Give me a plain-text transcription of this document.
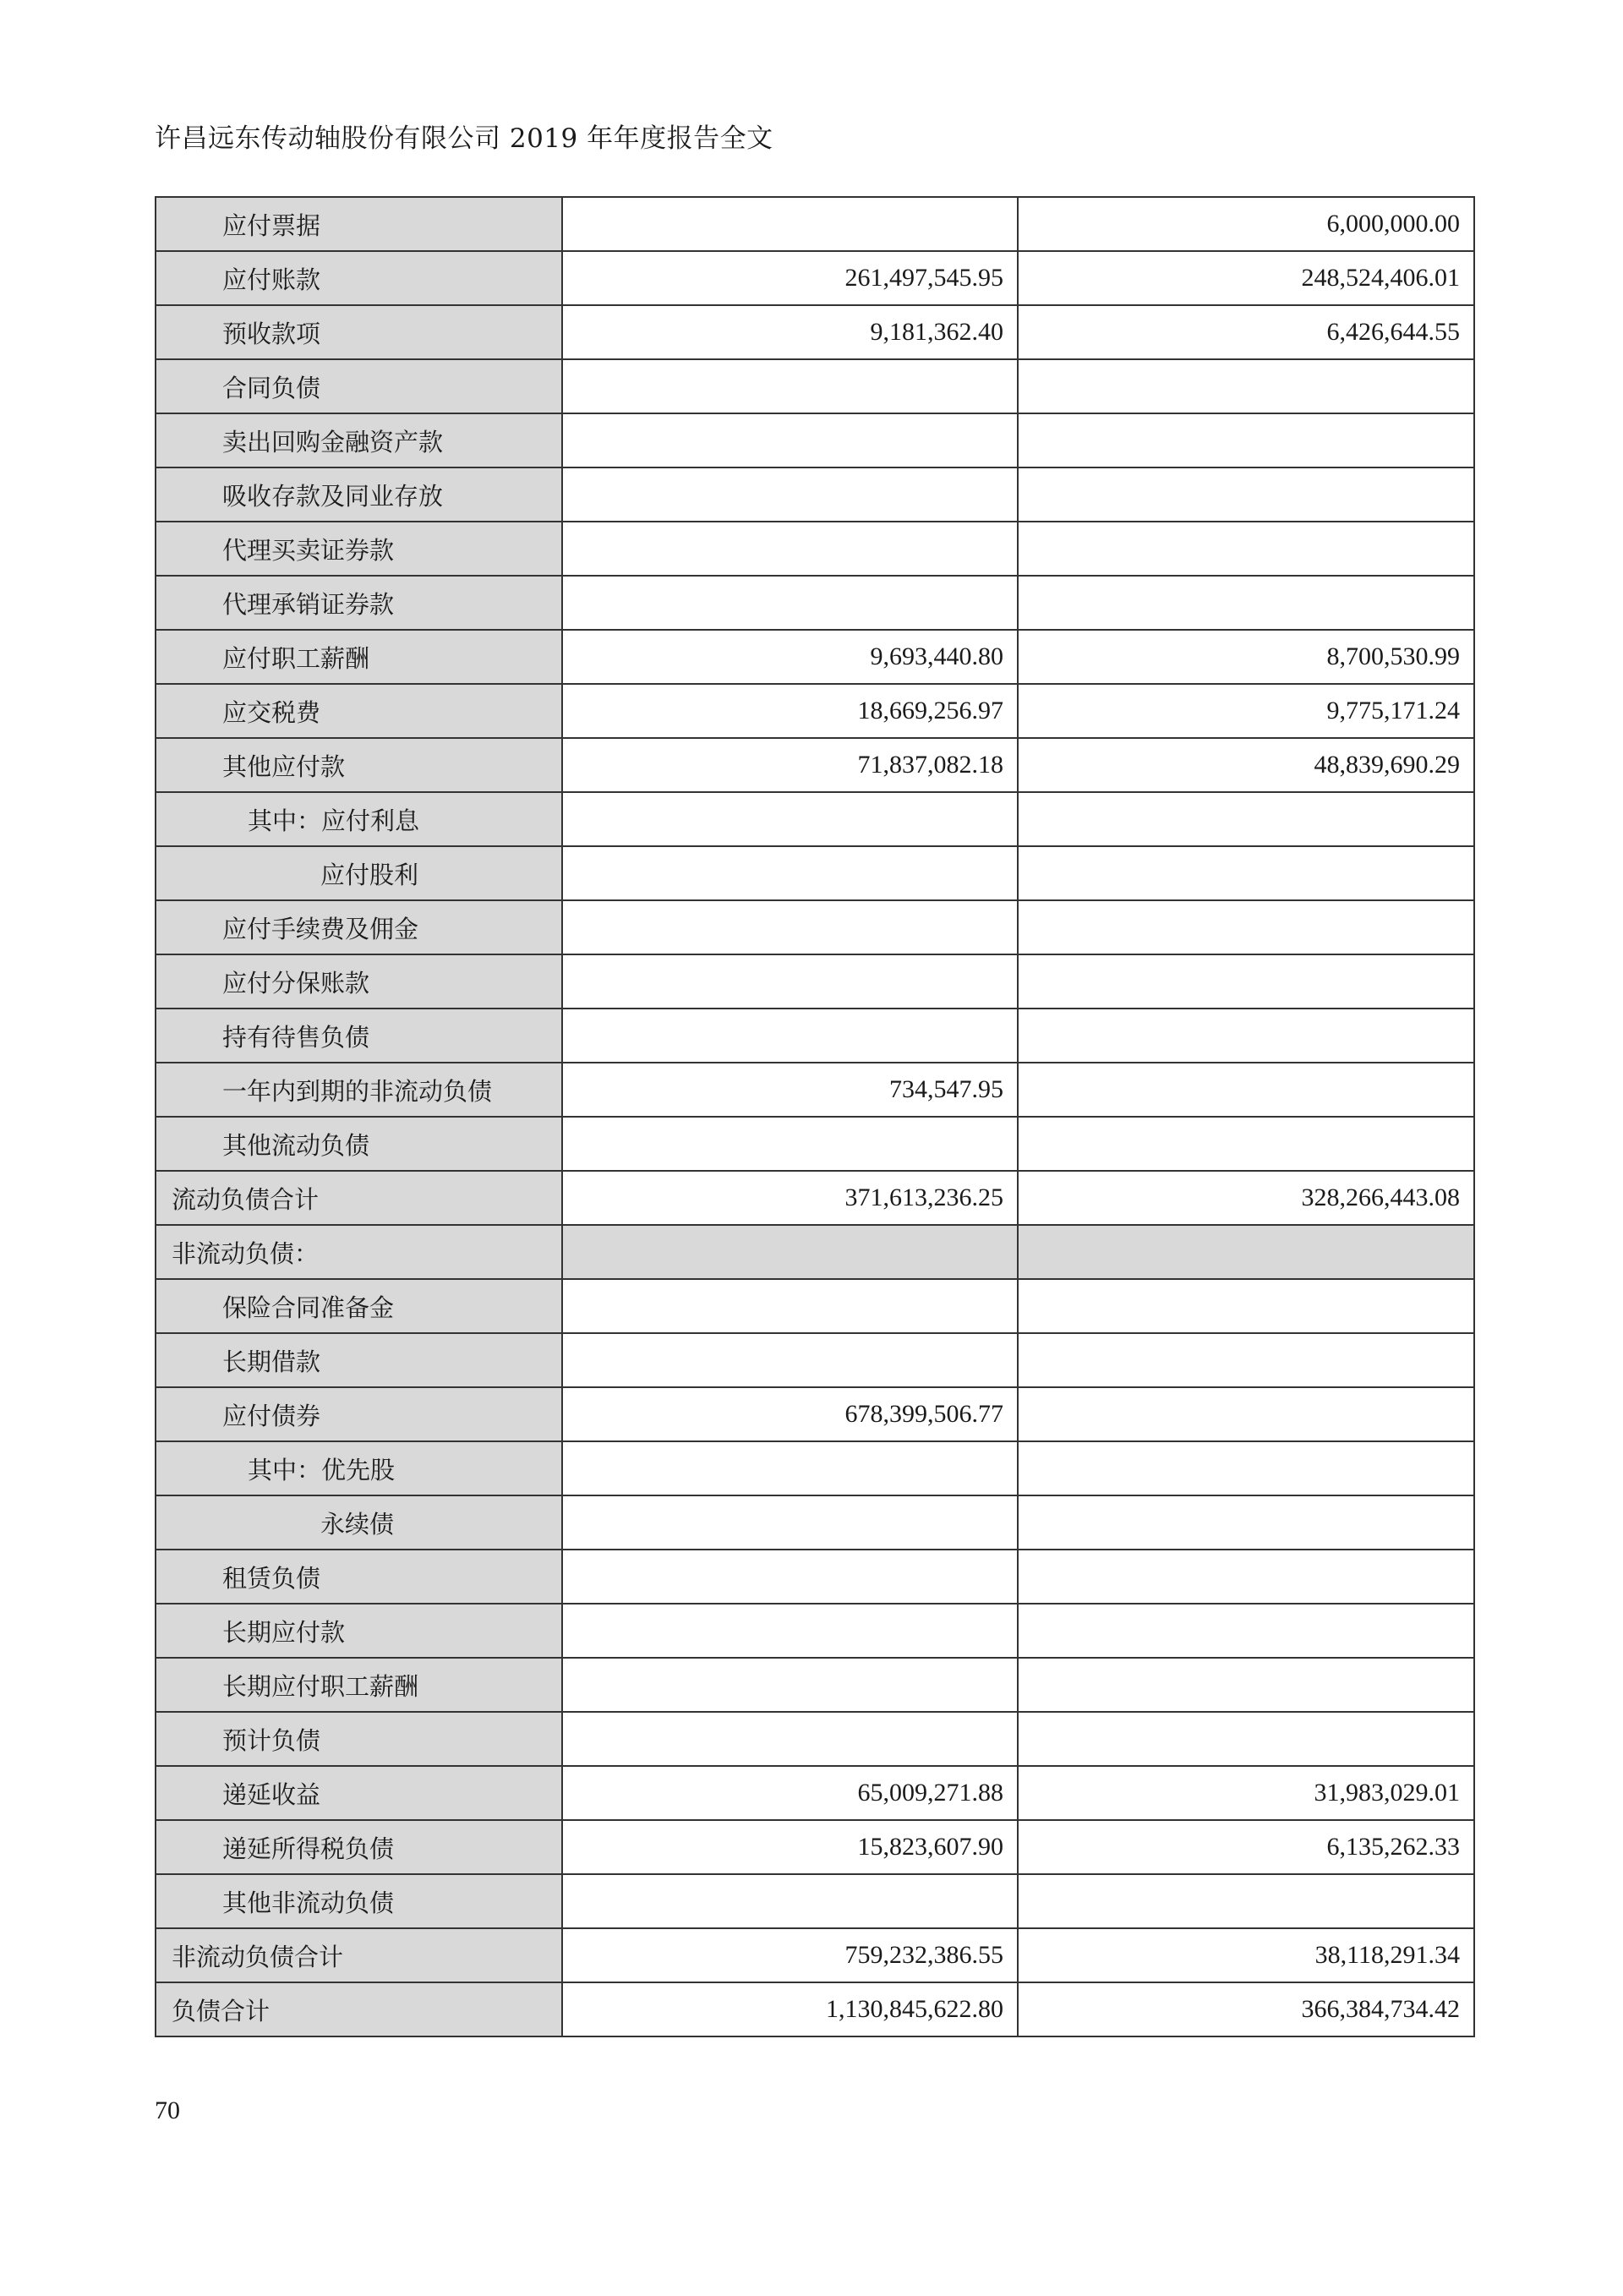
许昌远东传动轴股份有限公司 2019 年年度报告全文
应付票据		6,000,000.00
应付账款	261,497,545.95	248,524,406.01
预收款项	9,181,362.40	6,426,644.55
合同负债		
卖出回购金融资产款		
吸收存款及同业存放		
代理买卖证券款		
代理承销证券款		
应付职工薪酬	9,693,440.80	8,700,530.99
应交税费	18,669,256.97	9,775,171.24
其他应付款	71,837,082.18	48,839,690.29
其中：应付利息		
应付股利		
应付手续费及佣金		
应付分保账款		
持有待售负债		
一年内到期的非流动负债	734,547.95	
其他流动负债		
流动负债合计	371,613,236.25	328,266,443.08
非流动负债：		
保险合同准备金		
长期借款		
应付债券	678,399,506.77	
其中：优先股		
永续债		
租赁负债		
长期应付款		
长期应付职工薪酬		
预计负债		
递延收益	65,009,271.88	31,983,029.01
递延所得税负债	15,823,607.90	6,135,262.33
其他非流动负债		
非流动负债合计	759,232,386.55	38,118,291.34
负债合计	1,130,845,622.80	366,384,734.42
70
